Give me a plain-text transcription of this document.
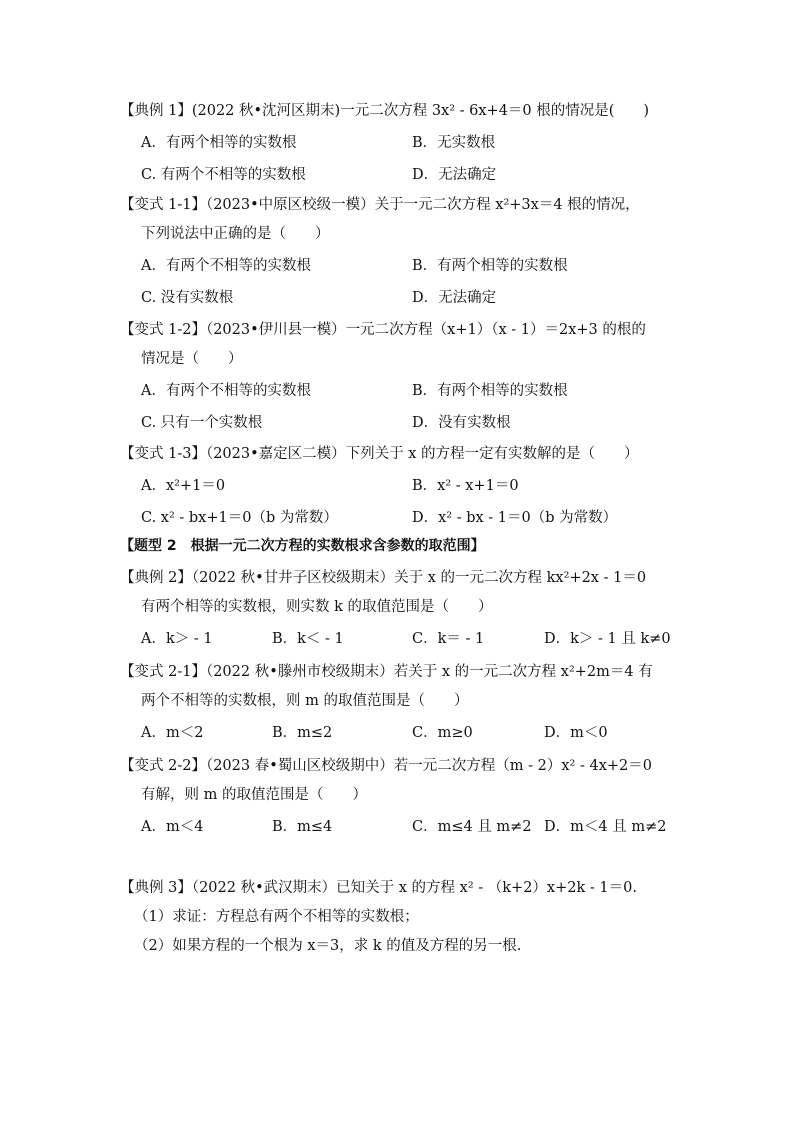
【典例 1】(2022 秋•沈河区期末)一元二次方程 3x² - 6x+4＝0 根的情况是(　　)
A．有两个相等的实数根	B．无实数根
C. 有两个不相等的实数根	D．无法确定
【变式 1-1】（2023•中原区校级一模）关于一元二次方程 x²+3x＝4 根的情况，
下列说法中正确的是（　　）
A．有两个不相等的实数根	B．有两个相等的实数根
C. 没有实数根	D．无法确定
【变式 1-2】（2023•伊川县一模）一元二次方程（x+1）（x - 1）＝2x+3 的根的
情况是（　　）
A．有两个不相等的实数根	B．有两个相等的实数根
C. 只有一个实数根	D．没有实数根
【变式 1-3】（2023•嘉定区二模）下列关于 x 的方程一定有实数解的是（　　）
A．x²+1＝0	B．x² - x+1＝0
C. x² - bx+1＝0（b 为常数）	D．x² - bx - 1＝0（b 为常数）
【题型 2　根据一元二次方程的实数根求含参数的取范围】
【典例 2】（2022 秋•甘井子区校级期末）关于 x 的一元二次方程 kx²+2x - 1＝0
有两个相等的实数根，则实数 k 的取值范围是（　　）
A．k＞ - 1	B．k＜ - 1	C．k＝ - 1	D．k＞ - 1 且 k≠0
【变式 2-1】（2022 秋•滕州市校级期末）若关于 x 的一元二次方程 x²+2m＝4 有
两个不相等的实数根，则 m 的取值范围是（　　）
A．m＜2	B．m≤2	C．m≥0	D．m＜0
【变式 2-2】（2023 春•蜀山区校级期中）若一元二次方程（m - 2）x² - 4x+2＝0
有解，则 m 的取值范围是（　　）
A．m＜4	B．m≤4	C．m≤4 且 m≠2 D．m＜4 且 m≠2
【典例 3】（2022 秋•武汉期末）已知关于 x 的方程 x² - （k+2）x+2k - 1＝0.
（1）求证：方程总有两个不相等的实数根；
（2）如果方程的一个根为 x＝3，求 k 的值及方程的另一根.
